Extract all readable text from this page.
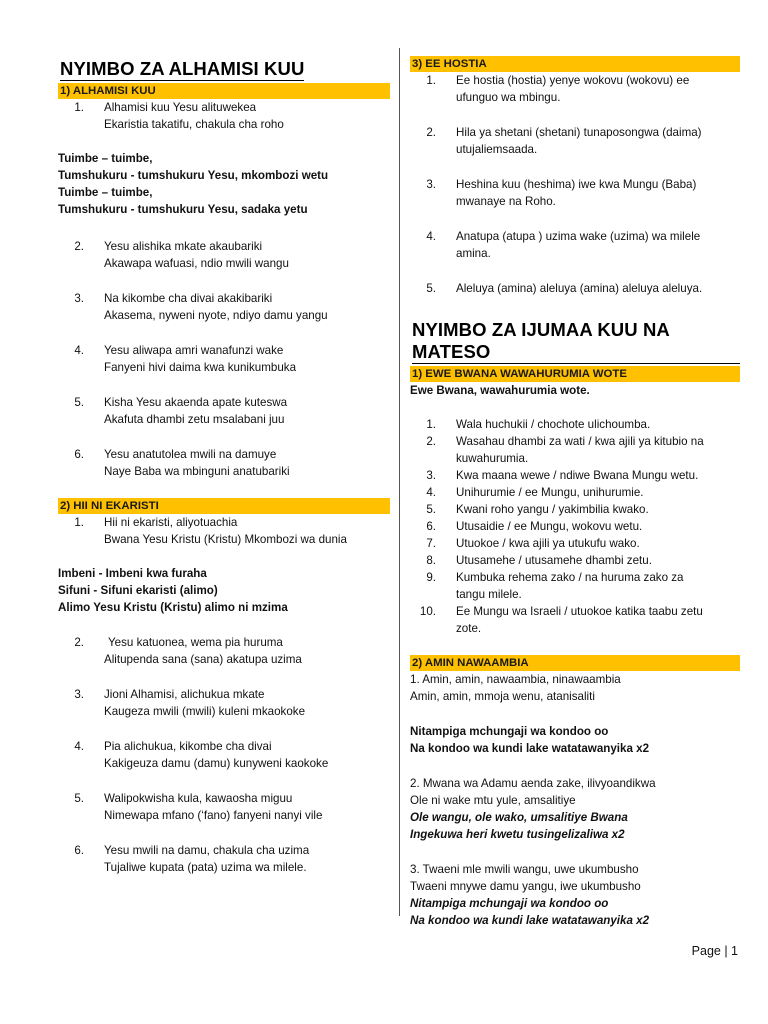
NYIMBO ZA ALHAMISI KUU
1) ALHAMISI KUU
1. Alhamisi kuu Yesu alituwekea
Ekaristia takatifu, chakula cha roho
Tuimbe – tuimbe,
Tumshukuru - tumshukuru Yesu, mkombozi wetu
Tuimbe – tuimbe,
Tumshukuru - tumshukuru Yesu, sadaka yetu
2. Yesu alishika mkate akaubariki
Akawapa wafuasi, ndio mwili wangu
3. Na kikombe cha divai akakibariki
Akasema, nyweni nyote, ndiyo damu yangu
4. Yesu aliwapa amri wanafunzi wake
Fanyeni hivi daima kwa kunikumbuka
5. Kisha Yesu akaenda apate kuteswa
Akafuta dhambi zetu msalabani juu
6. Yesu anatutolea mwili na damuye
Naye Baba wa mbinguni anatubariki
2) HII NI EKARISTI
1. Hii ni ekaristi, aliyotuachia
Bwana Yesu Kristu (Kristu) Mkombozi wa dunia
Imbeni - Imbeni kwa furaha
Sifuni - Sifuni ekaristi (alimo)
Alimo Yesu Kristu (Kristu) alimo ni mzima
2. Yesu katuonea, wema pia huruma
Alitupenda sana (sana) akatupa uzima
3. Jioni Alhamisi, alichukua mkate
Kaugeza mwili (mwili) kuleni mkaokoke
4. Pia alichukua, kikombe cha divai
Kakigeuza damu (damu) kunyweni kaokoke
5. Walipokwisha kula, kawaosha miguu
Nimewapa mfano (‘fano) fanyeni nanyi vile
6. Yesu mwili na damu, chakula cha uzima
Tujaliwe kupata (pata) uzima wa milele.
3) EE HOSTIA
1. Ee hostia (hostia) yenye wokovu (wokovu) ee
ufunguo wa mbingu.
2. Hila ya shetani (shetani) tunaposongwa (daima)
utujaliemsaada.
3. Heshina kuu (heshima) iwe kwa Mungu (Baba)
mwanaye na Roho.
4. Anatupa (atupa ) uzima wake (uzima) wa milele
amina.
5. Aleluya (amina) aleluya (amina) aleluya aleluya.
NYIMBO ZA IJUMAA KUU NA MATESO
1) EWE BWANA WAWAHURUMIA WOTE
Ewe Bwana, wawahurumia wote.
1. Wala huchukii / chochote ulichoumba.
2. Wasahau dhambi za wati / kwa ajili ya kitubio na
kuwahurumia.
3. Kwa maana wewe / ndiwe Bwana Mungu wetu.
4. Unihurumie / ee Mungu, unihurumie.
5. Kwani roho yangu / yakimbilia kwako.
6. Utusaidie / ee Mungu, wokovu wetu.
7. Utuokoe / kwa ajili ya utukufu wako.
8. Utusamehe / utusamehe dhambi zetu.
9. Kumbuka rehema zako / na huruma zako za
tangu milele.
10. Ee Mungu wa Israeli / utuokoe katika taabu zetu
zote.
2) AMIN NAWAAMBIA
1. Amin, amin, nawaambia, ninawaambia
Amin, amin, mmoja wenu, atanisaliti
Nitampiga mchungaji wa kondoo oo
Na kondoo wa kundi lake watatawanyika x2
2. Mwana wa Adamu aenda zake, ilivyoandikwa
Ole ni wake mtu yule, amsalitiye
Ole wangu, ole wako, umsalitiye Bwana
Ingekuwa heri kwetu tusingelizaliwa x2
3. Twaeni mle mwili wangu, uwe ukumbusho
Twaeni mnywe damu yangu, iwe ukumbusho
Nitampiga mchungaji wa kondoo oo
Na kondoo wa kundi lake watatawanyika x2
Page | 1
